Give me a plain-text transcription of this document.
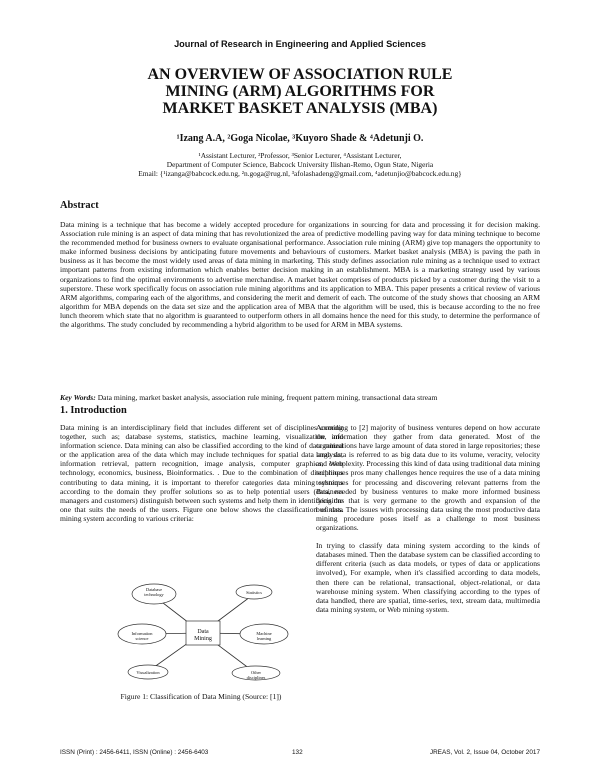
Journal of Research in Engineering and Applied Sciences
AN OVERVIEW OF ASSOCIATION RULE
MINING (ARM) ALGORITHMS FOR
MARKET BASKET ANALYSIS (MBA)
¹Izang A.A, ²Goga Nicolae, ³Kuyoro Shade & ⁴Adetunji O.
¹Assistant Lecturer, ²Professor, ³Senior Lecturer, ⁴Assistant Lecturer,
Department of Computer Science, Babcock University Ilishan-Remo, Ogun State, Nigeria
Email: {¹izanga@babcock.edu.ng, ²n.goga@rug.nl, ³afolashadeng@gmail.com, ⁴adetunjio@babcock.edu.ng}
Abstract
Data mining is a technique that has become a widely accepted procedure for organizations in sourcing for data and processing it for decision making. Association rule mining is an aspect of data mining that has revolutionized the area of predictive modelling paving way for data mining technique to become the recommended method for business owners to evaluate organisational performance. Association rule mining (ARM) give top managers the opportunity to make informed business decisions by anticipating future movements and behaviours of customers. Market basket analysis (MBA) is paving the path in business as it has become the most widely used areas of data mining in marketing. This study defines association rule mining as a technique used to extract important patterns from existing information which enables better decision making in an establishment. MBA is a marketing strategy used by various organizations to find the optimal environments to advertise merchandise. A market basket comprises of products picked by a customer during the visit to a superstore. These work specifically focus on association rule mining algorithms and its application to MBA. This paper presents a critical review of various ARM algorithms, comparing each of the algorithms, and considering the merit and demerit of each. The outcome of the study shows that choosing an ARM algorithm for MBA depends on the data set size and the application area of MBA that the algorithm will be used, this is because according to the no free lunch theorem which state that no algorithm is guaranteed to outperform others in all domains hence the need for this study, to determine the performance of the algorithms. The study concluded by recommending a hybrid algorithm to be used for ARM in MBA systems.
Key Words: Data mining, market basket analysis, association rule mining, frequent pattern mining, transactional data stream
1. Introduction

Data mining is an interdisciplinary field that includes different set of disciplines coming together, such as; database systems, statistics, machine learning, visualization, and information science. Data mining can also be classified according to the kind of data mined or the application area of the data which may include techniques for spatial data analysis, information retrieval, pattern recognition, image analysis, computer graphics, Web technology, economics, business, Bioinformatics. . Due to the combination of disciplines contributing to data mining, it is important to therefor categories data mining systems according to the domain they proffer solutions so as to help potential users (Business managers and customers) distinguish between such systems and help them in identifying the one that suits the needs of the users. Figure one below shows the classification of data mining system according to various criteria:

According to [2] majority of business ventures depend on how accurate the information they gather from data generated. Most of the organizations have large amount of data stored in large repositories; these large data is referred to as big data due to its volume, veracity, velocity and complexity. Processing this kind of data using traditional data mining techniques pros many challenges hence requires the use of a data mining techniques for processing and discovering relevant patterns from the data, needed by business ventures to make more informed business decisions that is very germane to the growth and expansion of the business. The issues with processing data using the most productive data mining procedure poses itself as a challenge to most business organizations.

In trying to classify data mining system according to the kinds of databases mined. Then the database system can be classified according to different criteria (such as data models, or types of data or applications involved), For example, when it's classified according to data models, then there can be relational, transactional, object-relational, or data warehouse mining system. When classifying according to the types of data handled, there are spatial, time-series, text, stream data, multimedia data mining system, or Web mining system.

Database technology	Statistics
Information science
Machine learning
Visualization	Other disciplines
Data Mining
Figure 1: Classification of Data Mining (Source: [1])
ISSN (Print) : 2456-6411, ISSN (Online) : 2456-6403	132	JREAS, Vol. 2, Issue 04, October 2017
